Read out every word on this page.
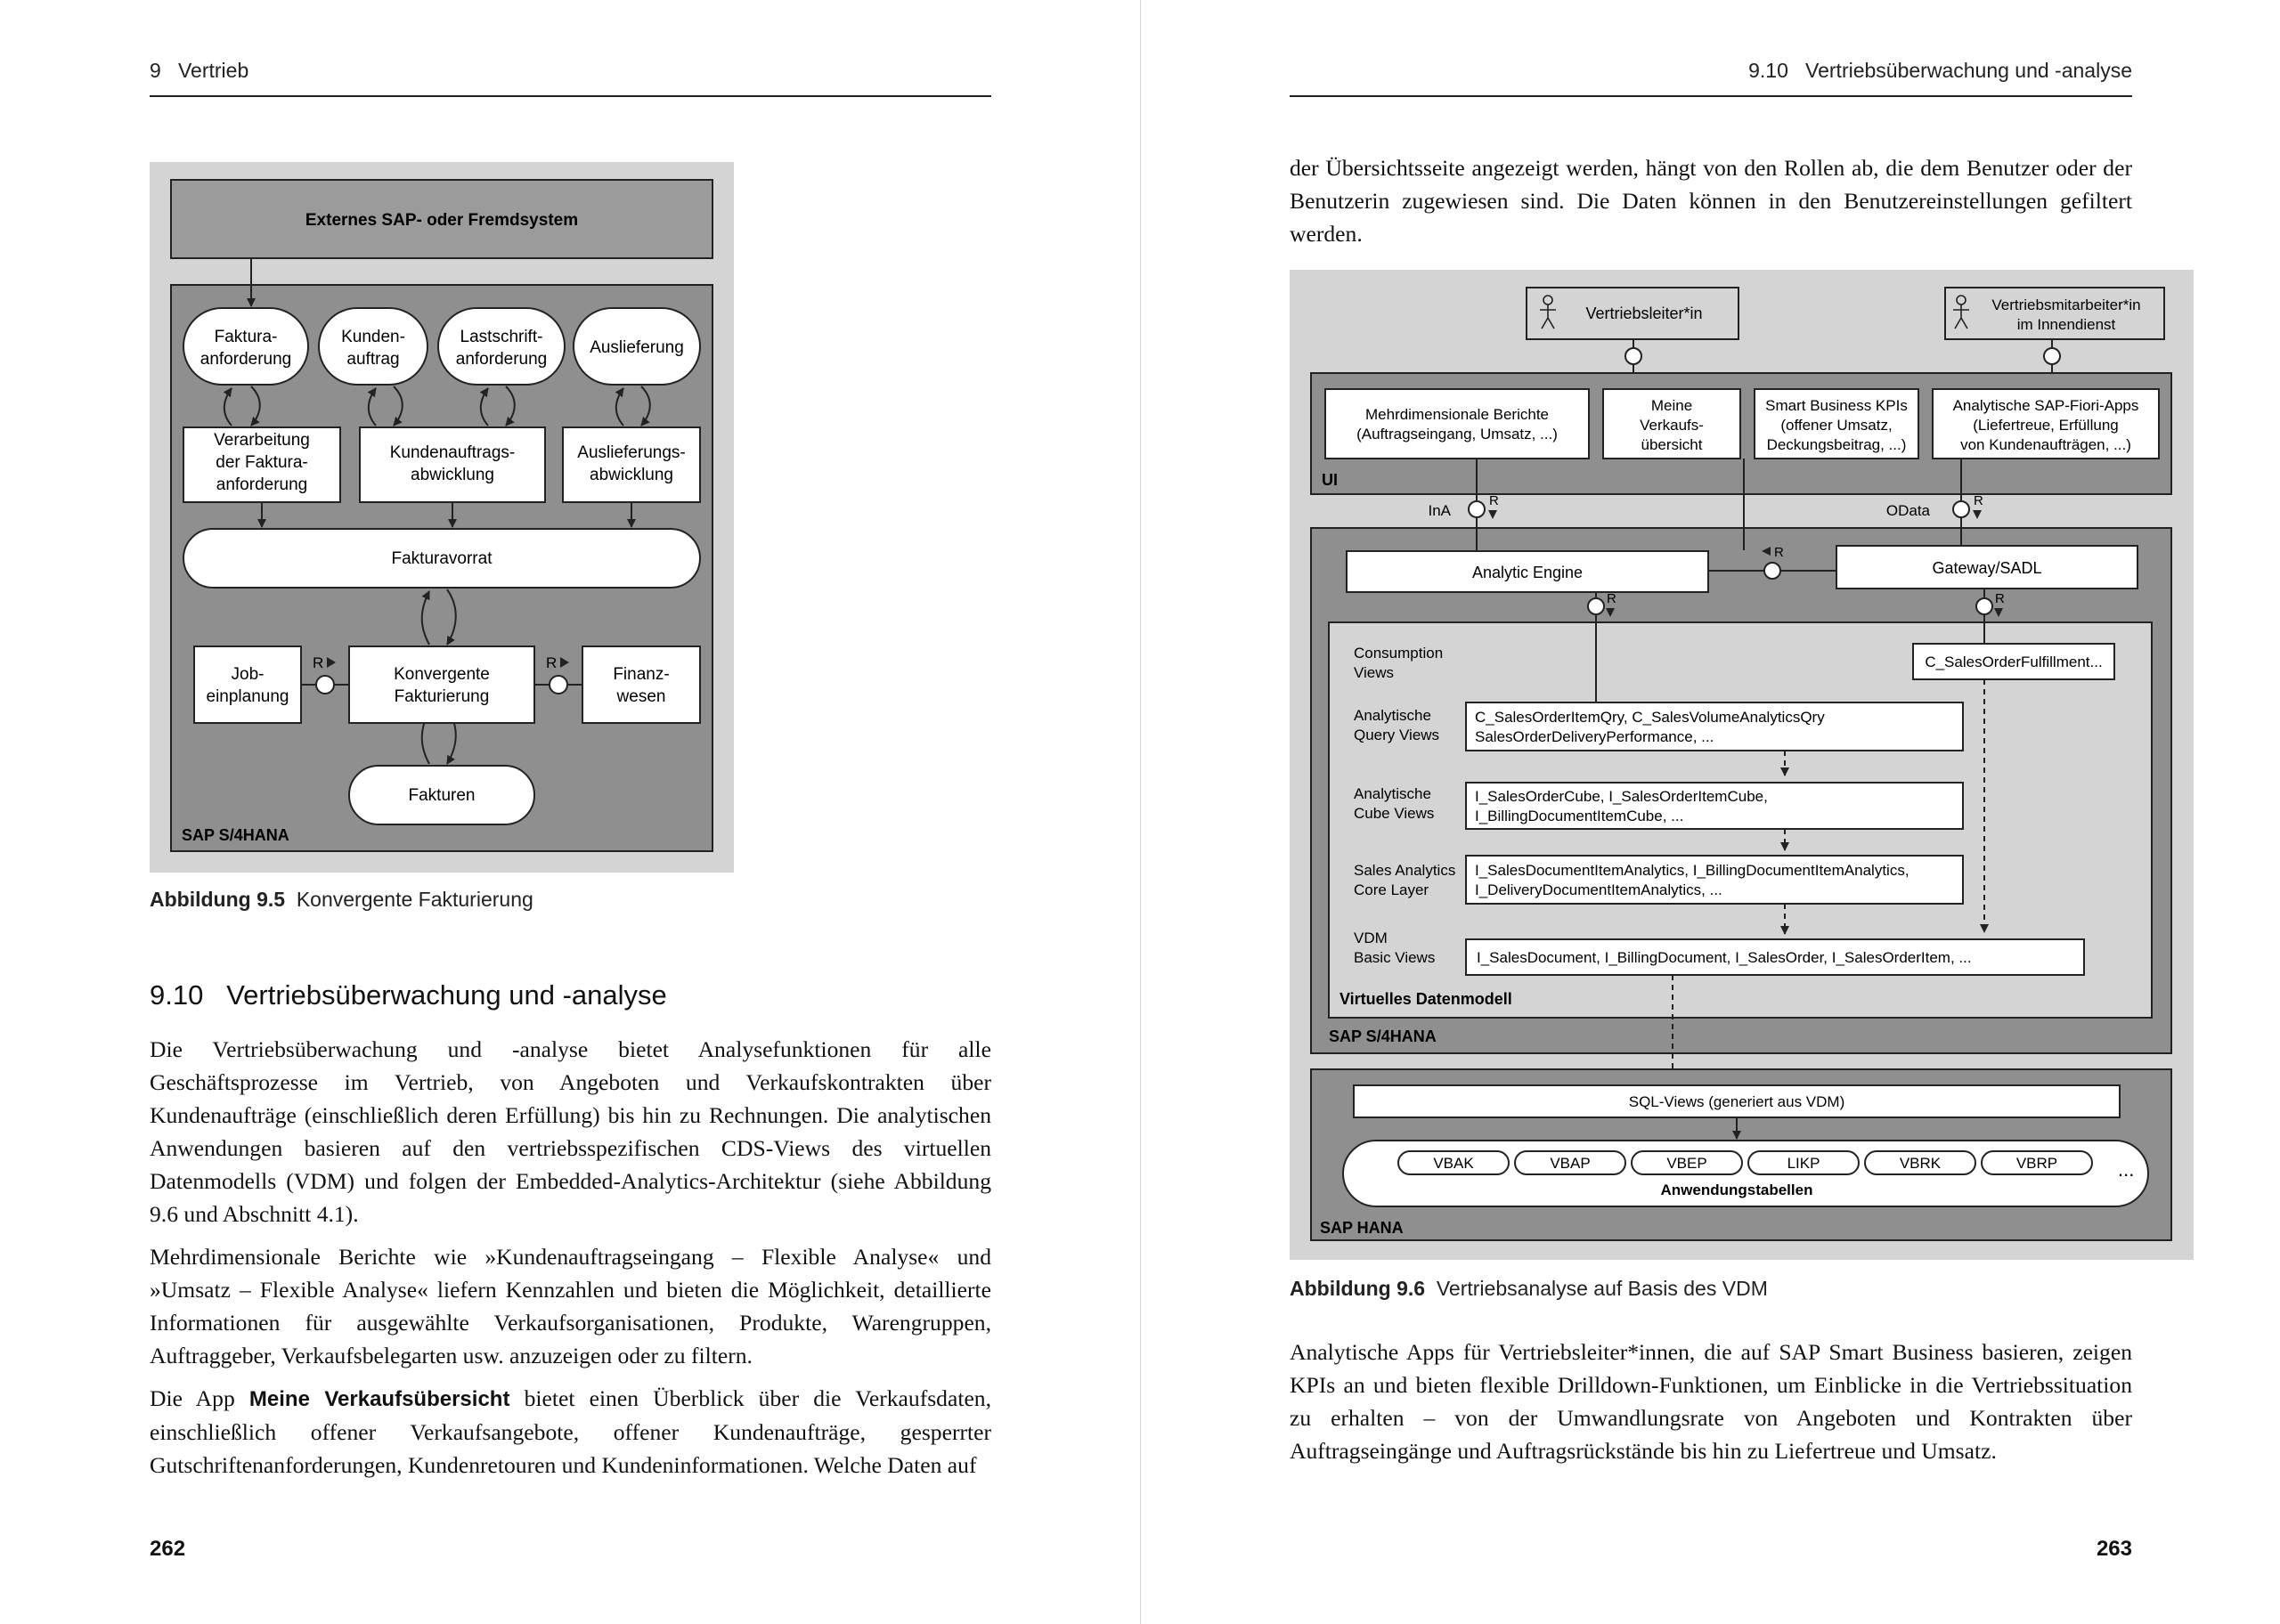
9 Vertrieb
Externes SAP- oder Fremdsystem
Faktura-
anforderung
Kunden-
auftrag
Lastschrift-
anforderung
Auslieferung
Verarbeitung
der Faktura-
anforderung
Kundenauftrags-
abwicklung
Auslieferungs-
abwicklung
Fakturavorrat
Job-
einplanung
Konvergente
Fakturierung
Finanz-
wesen
R	R
Fakturen
SAP S/4HANA
Abbildung 9.5 Konvergente Fakturierung
9.10 Vertriebsüberwachung und -analyse

Die Vertriebsüberwachung und -analyse bietet Analysefunktionen für alle Geschäftsprozesse im Vertrieb, von Angeboten und Verkaufskontrakten über Kundenaufträge (einschließlich deren Erfüllung) bis hin zu Rechnungen. Die analytischen Anwendungen basieren auf den vertriebsspezifischen CDS-Views des virtuellen Datenmodells (VDM) und folgen der Embedded-Analytics-Architektur (siehe Abbildung 9.6 und Abschnitt 4.1).

Mehrdimensionale Berichte wie »Kundenauftragseingang – Flexible Analyse« und »Umsatz – Flexible Analyse« liefern Kennzahlen und bieten die Möglichkeit, detaillierte Informationen für ausgewählte Verkaufsorganisationen, Produkte, Warengruppen, Auftraggeber, Verkaufsbelegarten usw. anzuzeigen oder zu filtern.

Die App Meine Verkaufsübersicht bietet einen Überblick über die Verkaufsdaten, einschließlich offener Verkaufsangebote, offener Kundenaufträge, gesperrter Gutschriftenanforderungen, Kundenretouren und Kundeninformationen. Welche Daten auf

262
9.10 Vertriebsüberwachung und -analyse

der Übersichtsseite angezeigt werden, hängt von den Rollen ab, die dem Benutzer oder der Benutzerin zugewiesen sind. Die Daten können in den Benutzereinstellungen gefiltert werden.

Vertriebsleiter*in	Vertriebsmitarbeiter*in
im Innendienst
Mehrdimensionale Berichte
(Auftragseingang, Umsatz, ...)
Meine
Verkaufs-
übersicht
Smart Business KPIs
(offener Umsatz,
Deckungsbeitrag, ...)
Analytische SAP-Fiori-Apps
(Liefertreue, Erfüllung
von Kundenaufträgen, ...)
UI
InA
R
OData
R
Analytic Engine	Gateway/SADL
R
R	R
Consumption
Views
Analytische
Query Views
Analytische
Cube Views
Sales Analytics
Core Layer
VDM
Basic Views
C_SalesOrderFulfillment...
C_SalesOrderItemQry, C_SalesVolumeAnalyticsQry
SalesOrderDeliveryPerformance, ...
I_SalesOrderCube, I_SalesOrderItemCube,
I_BillingDocumentItemCube, ...
I_SalesDocumentItemAnalytics, I_BillingDocumentItemAnalytics,
I_DeliveryDocumentItemAnalytics, ...
I_SalesDocument, I_BillingDocument, I_SalesOrder, I_SalesOrderItem, ...
Virtuelles Datenmodell
SAP S/4HANA
SQL-Views (generiert aus VDM)
VBAK	VBAP	VBEP	LIKP	VBRK	VBRP	...
Anwendungstabellen
SAP HANA
Abbildung 9.6 Vertriebsanalyse auf Basis des VDM

Analytische Apps für Vertriebsleiter*innen, die auf SAP Smart Business basieren, zeigen KPIs an und bieten flexible Drilldown-Funktionen, um Einblicke in die Vertriebssituation zu erhalten – von der Umwandlungsrate von Angeboten und Kontrakten über Auftragseingänge und Auftragsrückstände bis hin zu Liefertreue und Umsatz.

263
